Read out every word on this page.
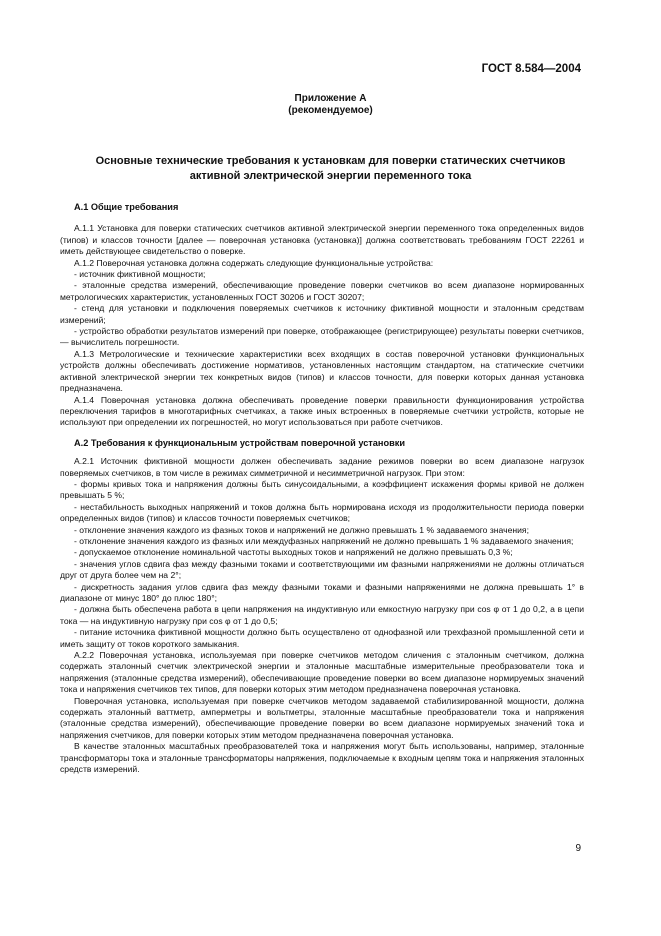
ГОСТ 8.584—2004
Приложение А
(рекомендуемое)
Основные технические требования к установкам для поверки статических счетчиков
активной электрической энергии переменного тока
А.1 Общие требования

А.1.1 Установка для поверки статических счетчиков активной электрической энергии переменного тока определенных видов (типов) и классов точности [далее — поверочная установка (установка)] должна соответствовать требованиям ГОСТ 22261 и иметь действующее свидетельство о поверке.

А.1.2 Поверочная установка должна содержать следующие функциональные устройства:

- источник фиктивной мощности;

- эталонные средства измерений, обеспечивающие проведение поверки счетчиков во всем диапазоне нормированных метрологических характеристик, установленных ГОСТ 30206 и ГОСТ 30207;

- стенд для установки и подключения поверяемых счетчиков к источнику фиктивной мощности и эталонным средствам измерений;

- устройство обработки результатов измерений при поверке, отображающее (регистрирующее) результаты поверки счетчиков, — вычислитель погрешности.

А.1.3 Метрологические и технические характеристики всех входящих в состав поверочной установки функциональных устройств должны обеспечивать достижение нормативов, установленных настоящим стандартом, на статические счетчики активной электрической энергии тех конкретных видов (типов) и классов точности, для поверки которых данная установка предназначена.

А.1.4 Поверочная установка должна обеспечивать проведение поверки правильности функционирования устройства переключения тарифов в многотарифных счетчиках, а также иных встроенных в поверяемые счетчики устройств, которые не используют при определении их погрешностей, но могут использоваться при работе счетчиков.

А.2 Требования к функциональным устройствам поверочной установки

А.2.1 Источник фиктивной мощности должен обеспечивать задание режимов поверки во всем диапазоне нагрузок поверяемых счетчиков, в том числе в режимах симметричной и несимметричной нагрузок. При этом:

- формы кривых тока и напряжения должны быть синусоидальными, а коэффициент искажения формы кривой не должен превышать 5 %;

- нестабильность выходных напряжений и токов должна быть нормирована исходя из продолжительности периода поверки определенных видов (типов) и классов точности поверяемых счетчиков;

- отклонение значения каждого из фазных токов и напряжений не должно превышать 1 % задаваемого значения;

- отклонение значения каждого из фазных или междуфазных напряжений не должно превышать 1 % задаваемого значения;

- допускаемое отклонение номинальной частоты выходных токов и напряжений не должно превышать 0,3 %;

- значения углов сдвига фаз между фазными токами и соответствующими им фазными напряжениями не должны отличаться друг от друга более чем на 2°;

- дискретность задания углов сдвига фаз между фазными токами и фазными напряжениями не должна превышать 1° в диапазоне от минус 180° до плюс 180°;

- должна быть обеспечена работа в цепи напряжения на индуктивную или емкостную нагрузку при cos φ от 1 до 0,2, а в цепи тока — на индуктивную нагрузку при cos φ от 1 до 0,5;

- питание источника фиктивной мощности должно быть осуществлено от однофазной или трехфазной промышленной сети и иметь защиту от токов короткого замыкания.

А.2.2 Поверочная установка, используемая при поверке счетчиков методом сличения с эталонным счетчиком, должна содержать эталонный счетчик электрической энергии и эталонные масштабные измерительные преобразователи тока и напряжения (эталонные средства измерений), обеспечивающие проведение поверки во всем диапазоне нормируемых значений тока и напряжения счетчиков тех типов, для поверки которых этим методом предназначена поверочная установка.

Поверочная установка, используемая при поверке счетчиков методом задаваемой стабилизированной мощности, должна содержать эталонный ваттметр, амперметры и вольтметры, эталонные масштабные преобразователи тока и напряжения (эталонные средства измерений), обеспечивающие проведение поверки во всем диапазоне нормируемых значений тока и напряжения счетчиков, для поверки которых этим методом предназначена поверочная установка.

В качестве эталонных масштабных преобразователей тока и напряжения могут быть использованы, например, эталонные трансформаторы тока и эталонные трансформаторы напряжения, подключаемые к входным цепям тока и напряжения эталонных средств измерений.

9
